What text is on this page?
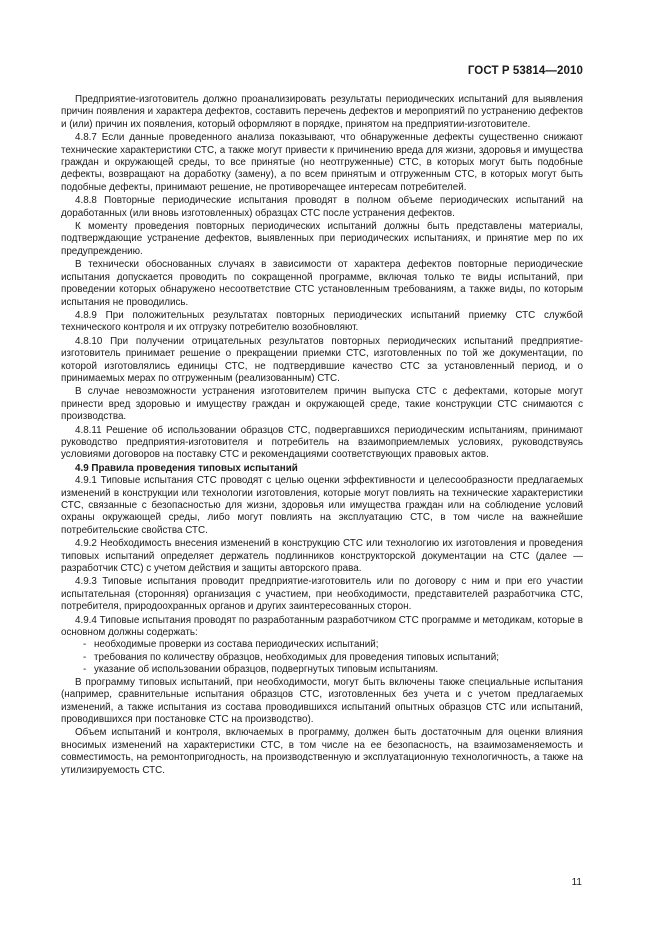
ГОСТ Р 53814—2010

Предприятие-изготовитель должно проанализировать результаты периодических испытаний для выявления причин появления и характера дефектов, составить перечень дефектов и мероприятий по устранению дефектов и (или) причин их появления, который оформляют в порядке, принятом на предприятии-изготовителе.

4.8.7 Если данные проведенного анализа показывают, что обнаруженные дефекты существенно снижают технические характеристики СТС, а также могут привести к причинению вреда для жизни, здоровья и имущества граждан и окружающей среды, то все принятые (но неотгруженные) СТС, в которых могут быть подобные дефекты, возвращают на доработку (замену), а по всем принятым и отгруженным СТС, в которых могут быть подобные дефекты, принимают решение, не противоречащее интересам потребителей.

4.8.8 Повторные периодические испытания проводят в полном объеме периодических испытаний на доработанных (или вновь изготовленных) образцах СТС после устранения дефектов.

К моменту проведения повторных периодических испытаний должны быть представлены материалы, подтверждающие устранение дефектов, выявленных при периодических испытаниях, и принятие мер по их предупреждению.

В технически обоснованных случаях в зависимости от характера дефектов повторные периодические испытания допускается проводить по сокращенной программе, включая только те виды испытаний, при проведении которых обнаружено несоответствие СТС установленным требованиям, а также виды, по которым испытания не проводились.

4.8.9 При положительных результатах повторных периодических испытаний приемку СТС службой технического контроля и их отгрузку потребителю возобновляют.

4.8.10 При получении отрицательных результатов повторных периодических испытаний предприятие-изготовитель принимает решение о прекращении приемки СТС, изготовленных по той же документации, по которой изготовлялись единицы СТС, не подтвердившие качество СТС за установленный период, и о принимаемых мерах по отгруженным (реализованным) СТС.

В случае невозможности устранения изготовителем причин выпуска СТС с дефектами, которые могут принести вред здоровью и имуществу граждан и окружающей среде, такие конструкции СТС снимаются с производства.

4.8.11 Решение об использовании образцов СТС, подвергавшихся периодическим испытаниям, принимают руководство предприятия-изготовителя и потребитель на взаимоприемлемых условиях, руководствуясь условиями договоров на поставку СТС и рекомендациями соответствующих правовых актов.

4.9 Правила проведения типовых испытаний

4.9.1 Типовые испытания СТС проводят с целью оценки эффективности и целесообразности предлагаемых изменений в конструкции или технологии изготовления, которые могут повлиять на технические характеристики СТС, связанные с безопасностью для жизни, здоровья или имущества граждан или на соблюдение условий охраны окружающей среды, либо могут повлиять на эксплуатацию СТС, в том числе на важнейшие потребительские свойства СТС.

4.9.2 Необходимость внесения изменений в конструкцию СТС или технологию их изготовления и проведения типовых испытаний определяет держатель подлинников конструкторской документации на СТС (далее — разработчик СТС) с учетом действия и защиты авторского права.

4.9.3 Типовые испытания проводит предприятие-изготовитель или по договору с ним и при его участии испытательная (сторонняя) организация с участием, при необходимости, представителей разработчика СТС, потребителя, природоохранных органов и других заинтересованных сторон.

4.9.4 Типовые испытания проводят по разработанным разработчиком СТС программе и методикам, которые в основном должны содержать:

- необходимые проверки из состава периодических испытаний;

- требования по количеству образцов, необходимых для проведения типовых испытаний;

- указание об использовании образцов, подвергнутых типовым испытаниям.

В программу типовых испытаний, при необходимости, могут быть включены также специальные испытания (например, сравнительные испытания образцов СТС, изготовленных без учета и с учетом предлагаемых изменений, а также испытания из состава проводившихся испытаний опытных образцов СТС или испытаний, проводившихся при постановке СТС на производство).

Объем испытаний и контроля, включаемых в программу, должен быть достаточным для оценки влияния вносимых изменений на характеристики СТС, в том числе на ее безопасность, на взаимозаменяемость и совместимость, на ремонтопригодность, на производственную и эксплуатационную технологичность, а также на утилизируемость СТС.

11
